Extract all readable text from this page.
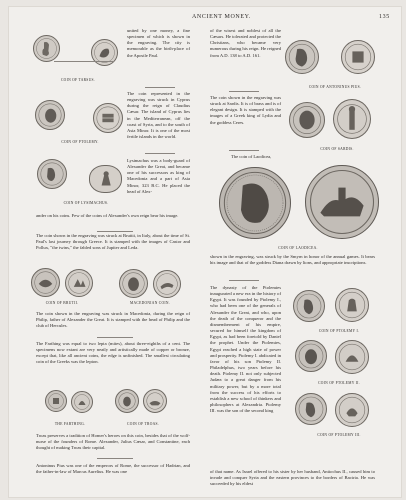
ANCIENT MONEY.	135
COIN OF TARSUS.

united by one money, a fine specimen of which is shown in the engraving. The city is memorable as the birth-place of the Apostle Paul.

COIN OF PTOLEMY.

The coin represented in the engraving was struck in Cyprus during the reign of Claudius Cæsar. The island of Cyprus lies in the Mediterranean, off the coast of Syria, and to the south of Asia Minor. It is one of the most fertile islands in the world.

COIN OF LYSIMACHUS.

Lysimachus was a body-guard of Alexander the Great, and became one of his successors as king of Macedonia and a part of Asia Minor, 323 B.C. He placed the head of Alex-

ander on his coins. Few of the coins of Alexander's own reign bear his image.

The coin shown in the engraving was struck at Bruttii, in Italy, about the time of St. Paul's last journey through Greece. It is stamped with the images of Castor and Pollux, "the twins," the fabled sons of Jupiter and Leda.

COIN OF BRUTII.	MACEDONIAN COIN.

The coin shown in the engraving was struck in Macedonia, during the reign of Philip, father of Alexander the Great. It is stamped with the head of Philip and the club of Hercules.

The Farthing was equal to two lepta (mites), about three-eighths of a cent. The specimens now extant are very neatly and artistically made of copper or bronze, except that, like all ancient coins, the edge is unfinished. The smallest circulating coin of the Greeks was the lepton.

THE FARTHING.	COIN OF TROAS.

Troas preserves a tradition of Homer's heroes on this coin, besides that of the wolf-nurse of the founders of Rome. Alexander, Julius Cæsar, and Constantine, each thought of making Troas their capital.

Antoninus Pius was one of the emperors of Rome, the successor of Hadrian, and the father-in-law of Marcus Aurelius. He was one

of the wisest and noblest of all the Cæsars. He tolerated and protected the Christians, who became very numerous during his reign. He reigned from A.D. 138 to A.D. 161.

COIN OF ANTONINUS PIUS.

The coin shown in the engraving was struck at Sardis. It is of brass and is of elegant design. It is stamped with the images of a Greek king of Lydia and the goddess Ceres.

COIN OF SARDIS.

The coin of Laodicea,

COIN OF LAODICEA.

shown in the engraving, was struck by the Smyrn in honor of the annual games. It bears his image and that of the goddess Diana drawn by lions, and appropriate inscriptions.

The dynasty of the Ptolemies inaugurated a new era in the history of Egypt. It was founded by Ptolemy I., who had been one of the generals of Alexander the Great, and who, upon the death of the conqueror and the dismemberment of his empire, secured for himself the kingdom of Egypt, as had been foretold by Daniel the prophet. Under the Ptolemies, Egypt reached a high state of power and prosperity. Ptolemy I. abdicated in favor of his son Ptolemy II. Philadelphus, two years before his death. Ptolemy II. not only subjected Judæa to a great danger from his military power, but by a more total from the success of his efforts to establish a new school of thinkers and philosophers at Alexandria. Ptolemy III. was the son of the second king

COIN OF PTOLEMY I.
COIN OF PTOLEMY II.
COIN OF PTOLEMY III.

of that name. As Israel offered to his sister by her husband, Antiochus II., caused him to invade and conquer Syria and the eastern provinces to the borders of Bactria. He was succeeded by his eldest
